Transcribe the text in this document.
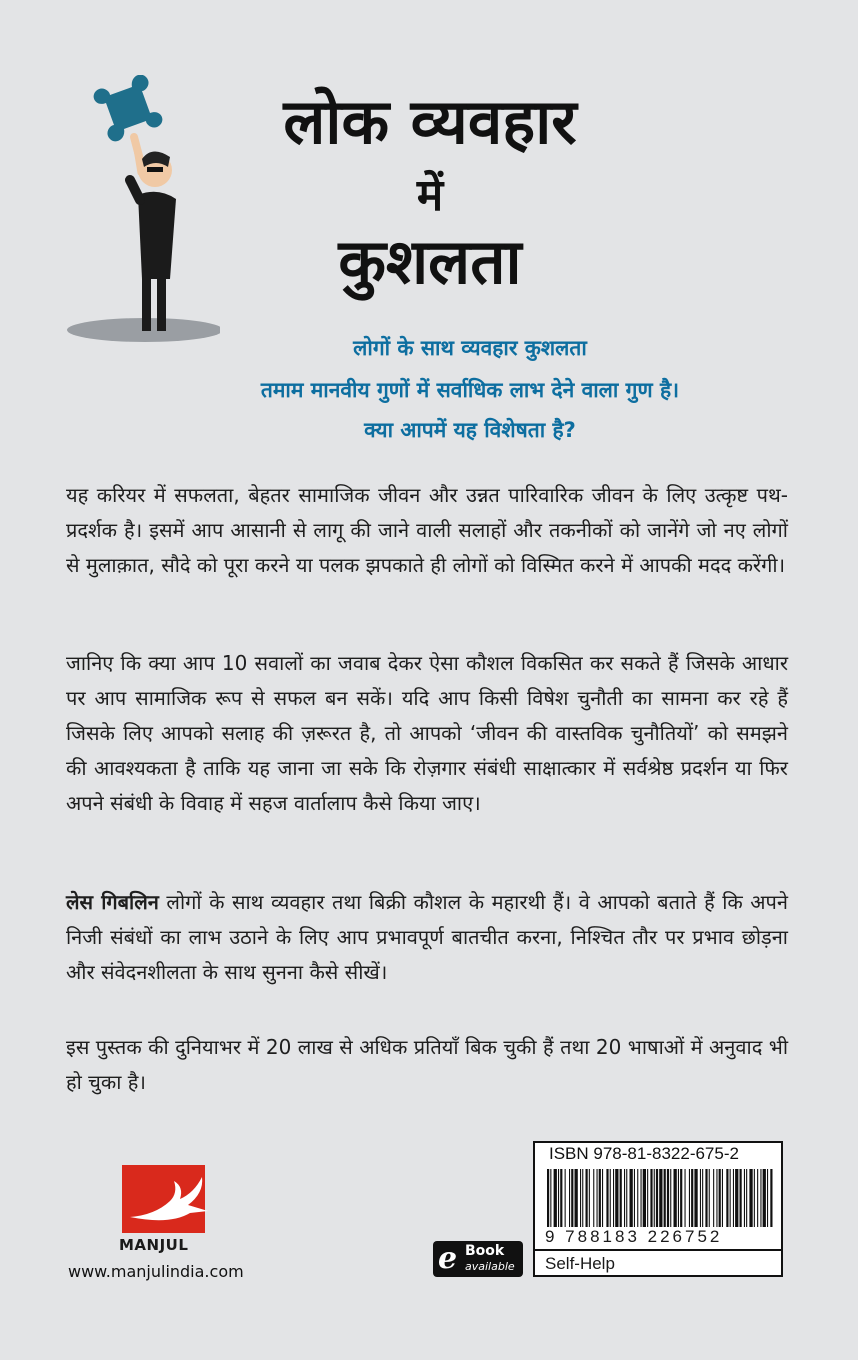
लोक व्यवहार
में
कुशलता
लोगों के साथ व्यवहार कुशलता
तमाम मानवीय गुणों में सर्वाधिक लाभ देने वाला गुण है।
क्या आपमें यह विशेषता है?
यह करियर में सफलता, बेहतर सामाजिक जीवन और उन्नत पारिवारिक जीवन के लिए उत्कृष्ट पथ-प्रदर्शक है। इसमें आप आसानी से लागू की जाने वाली सलाहों और तकनीकों को जानेंगे जो नए लोगों से मुलाक़ात, सौदे को पूरा करने या पलक झपकाते ही लोगों को विस्मित करने में आपकी मदद करेंगी।
जानिए कि क्या आप 10 सवालों का जवाब देकर ऐसा कौशल विकसित कर सकते हैं जिसके आधार पर आप सामाजिक रूप से सफल बन सकें। यदि आप किसी विषेश चुनौती का सामना कर रहे हैं जिसके लिए आपको सलाह की ज़रूरत है, तो आपको ‘जीवन की वास्तविक चुनौतियों’ को समझने की आवश्यकता है ताकि यह जाना जा सके कि रोज़गार संबंधी साक्षात्कार में सर्वश्रेष्ठ प्रदर्शन या फिर अपने संबंधी के विवाह में सहज वार्तालाप कैसे किया जाए।
लेस गिबलिन लोगों के साथ व्यवहार तथा बिक्री कौशल के महारथी हैं। वे आपको बताते हैं कि अपने निजी संबंधों का लाभ उठाने के लिए आप प्रभावपूर्ण बातचीत करना, निश्चित तौर पर प्रभाव छोड़ना और संवेदनशीलता के साथ सुनना कैसे सीखें।
इस पुस्तक की दुनियाभर में 20 लाख से अधिक प्रतियाँ बिक चुकी हैं तथा 20 भाषाओं में अनुवाद भी हो चुका है।
MANJUL
www.manjulindia.com	e Book
available
ISBN 978-81-8322-675-2
9 788183 226752
Self-Help
